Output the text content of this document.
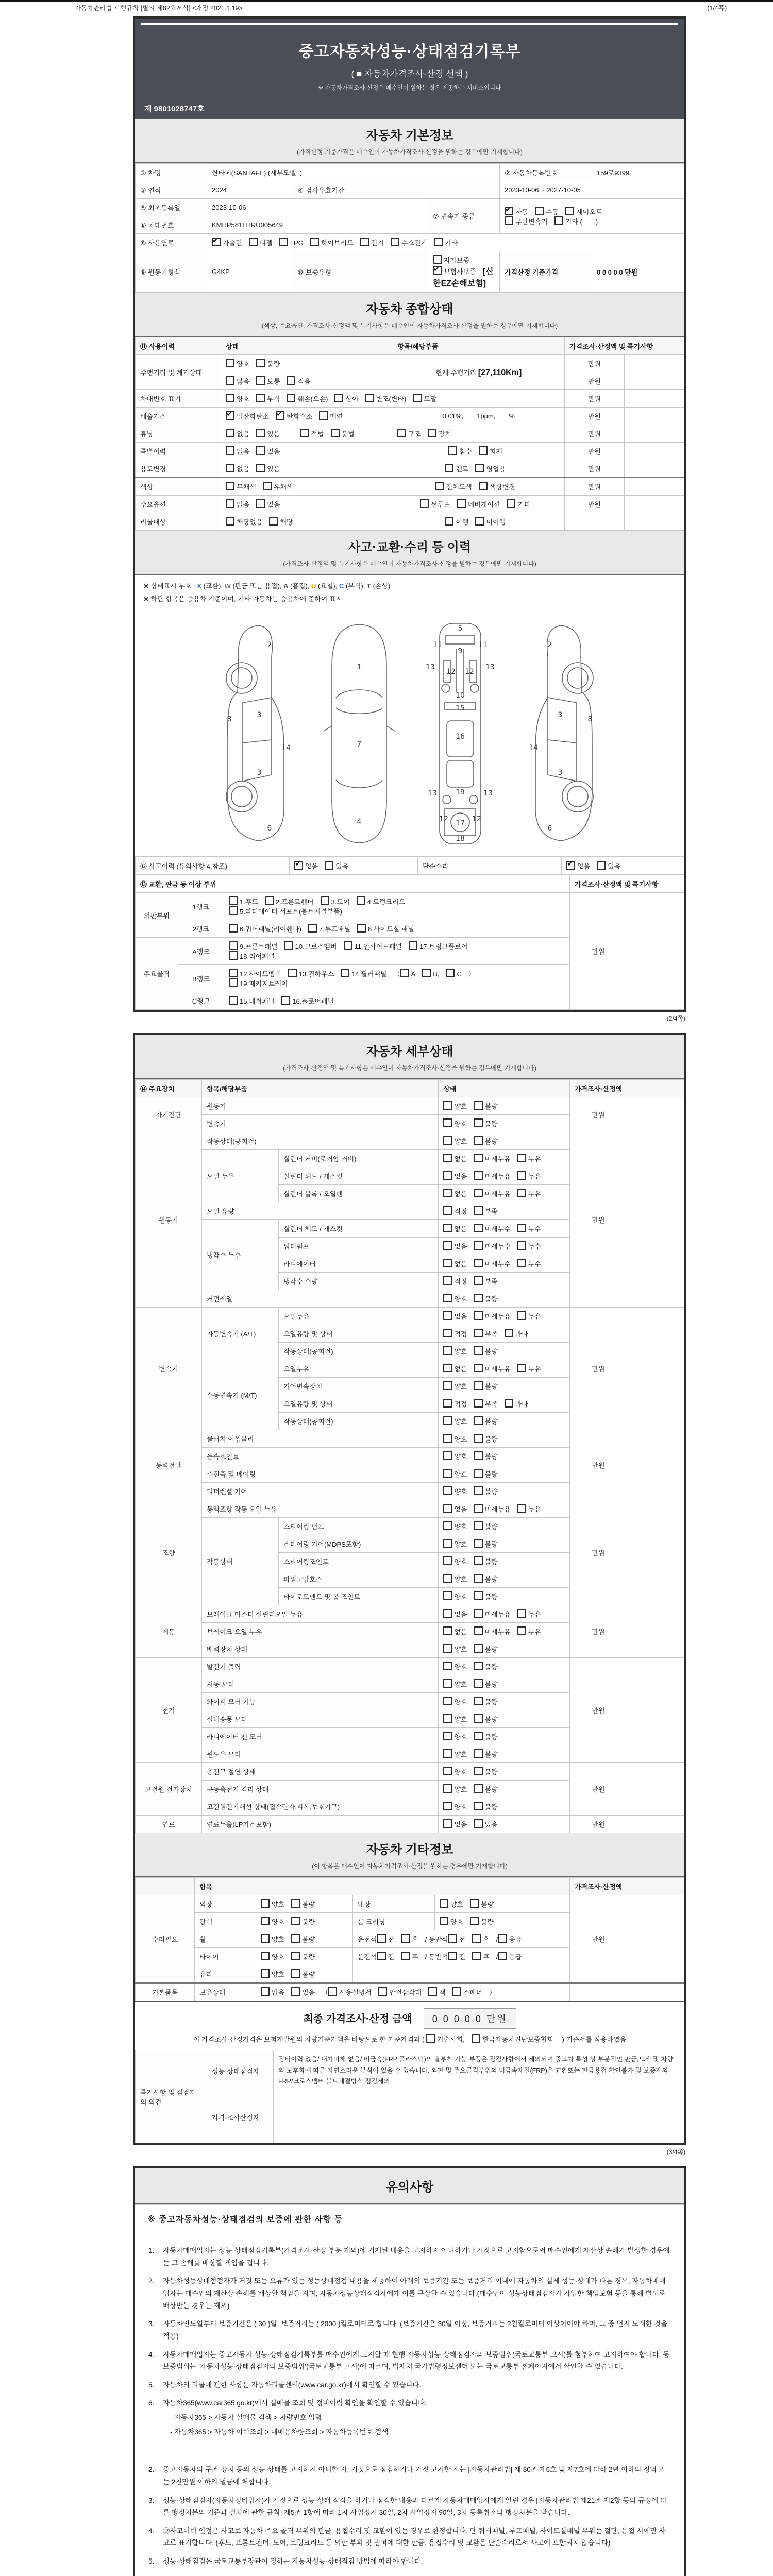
자동차관리법 시행규칙 [별지 제82호서식] <개정 2021.1.19>	(1/4쪽)
중고자동차성능·상태점검기록부
( ■ 자동차가격조사·산정 선택 )
※ 자동차가격조사·산정은 매수인이 원하는 경우 제공하는 서비스입니다
제 9801028747호
자동차 기본정보
(가격산정 기준가격은 매수인이 자동차가격조사·산정을 원하는 경우에만 기재합니다)
① 차명	싼타페(SANTAFE) (세부모델: )			② 자동차등록번호	159로9399
③ 연식	2024	④ 검사유효기간		2023-10-06 ~ 2027-10-05	
⑤ 최초등록일	2023-10-06		⑦ 변속기 종류	✔자동 수동 세미오토
무단변속기 기타 (　　)
⑥ 차대번호	KMHP581LHRU005649				
⑧ 사용연료	✔가솔린 디젤 LPG 하이브리드 전기 수소전기 기타
⑨ 원동기형식	G4KP	⑩ 보증유형	자가보증✔보험사보증 [신한EZ손해보험]	가격산정 기준가격	0 0 0 0 0 만원
자동차 종합상태
(색상, 주요옵션, 가격조사·산정액 및 특기사항은 매수인이 자동차가격조사·산정을 원하는 경우에만 기재합니다)
⑪ 사용이력	상태	항목/해당부품	가격조사·산정액 및 특기사항	
주행거리 및 계기상태	양호 불량	현재 주행거리 [27,110Km]	만원	
	많음 보통 적음		만원	
차대번호 표기	양호 부식 훼손(오손) 상이 변조(변타) 도말		만원	
배출가스	✔일산화탄소 ✔ 탄화수소 매연	0.01%, 1ppm, %	만원	
튜닝	없음 있음 적법 불법 구조 장치		만원	
특별이력	없음 있음	침수 화재	만원	
용도변경	없음 있음	렌트 영업용	만원	
색상	무채색 유채색	전체도색 색상변경	만원	
주요옵션	없음 있음	썬루프 네비게이션 기타	만원	
리콜대상	해당없음 해당	이행 미이행		
사고·교환·수리 등 이력
(가격조사·산정액 및 특기사항은 매수인이 자동차가격조사·산정을 원하는 경우에만 기재합니다)
※ 상태표시 부호 : X (교환), W (판금 또는 용접), A (흠집), U (요철), C (부식), T (손상)
※ 하단 항목은 승용차 기준이며, 기타 자동차는 승용차에 준하여 표시
2
8	3
3
14
6
1
7
4
5
9
11	11
13	13
12 12
10
15
16
19
13	13
12	12
17
18
2
8
3
3
14
6
⑫ 사고이력 (유의사항 4.참조)	✔없음	있음	단순수리	✔없음	있음
⑬ 교환, 판금 등 이상 부위			가격조사·산정액 및 특기사항	
외판부위	1랭크	1.후드 2.프론트휀더 3.도어 4.트렁크리드
5.라디에이터 서포트(볼트체결부품)	만원	
	2랭크	6.쿼더패널(리어휀다) 7.루프패널 8.사이드실 패널		
주요골격	A랭크	9.프론트패널 10.크로스멤버 11.인사이드패널 17.트렁크플로어
18.리어패널		
	B랭크	12.사이드멤버 13.휠하우스 14.필러패널 （ A B, C ）
19.패키지트레이		
	C랭크	15.대쉬패널 16.플로어패널		
(2/4쪽)
자동차 세부상태
(가격조사·산정액 및 특기사항은 매수인이 자동차가격조사·산정을 원하는 경우에만 기재합니다)
⑭ 주요장치	항목/해당부품		상태	가격조사·산정액	
자기진단	원동기		양호 불량	만원	
	변속기		양호 불량		
원동기	작동상태(공회전)		양호 불량	만원	
	오일 누유	실린더 커버(로커암 커버)	없음 미세누유 누유		
		실린더 헤드 / 개스킷	없음 미세누유 누유		
		실린더 블록 / 오일팬	없음 미세누유 누유		
	오일 유량		적정 부족		
	냉각수 누수	실린더 헤드 / 개스킷	없음 미세누수 누수		
		워터펌프	없음 미세누수 누수		
		라디에이터	없음 미세누수 누수		
		냉각수 수량	적정 부족		
	커먼레일		양호 불량		
변속기	자동변속기 (A/T)	오일누유	없음 미세누유 누유	만원	
		오일유량 및 상태	적정 부족 과다		
		작동상태(공회전)	양호 불량		
	수동변속기 (M/T)	오일누유	없음 미세누유 누유		
		기어변속장치	양호 불량		
		오일유량 및 상태	적정 부족 과다		
		작동상태(공회전)	양호 불량		
동력전달	클러치 어셈블리		양호 불량	만원	
	등속죠인트		양호 불량		
	추진축 및 베어링		양호 불량		
	디퍼렌셜 기어		양호 불량		
조향	동력조향 작동 오일 누유		없음 미세누유 누유	만원	
	작동상태	스티어링 펌프	양호 불량		
		스티어링 기어(MDPS포함)	양호 불량		
		스티어링조인트	양호 불량		
		파워고압호스	양호 불량		
		타이로드엔드 및 볼 조인트	양호 불량		
제동	브레이크 마스터 실린더오일 누유		없음 미세누유 누유	만원	
	브레이크 오일 누유		없음 미세누유 누유		
	배력장치 상태		양호 불량		
전기	발전기 출력		양호 불량	만원	
	시동 모터		양호 불량		
	와이퍼 모터 기능		양호 불량		
	실내송풍 모터		양호 불량		
	라디에이터 팬 모터		양호 불량		
	윈도우 모터		양호 불량		
고전원 전기장치	충전구 절연 상태		양호 불량	만원	
	구동축전지 격리 상태		양호 불량		
	고전원전기배선 상태(접속단자,피복,보호기구)		양호 불량		
연료	연료누출(LP가스포함)		없음 있음	만원	
자동차 기타정보
(이 항목은 매수인이 자동차가격조사·산정을 원하는 경우에만 기재합니다)
	항목				가격조사·산정액	
수리필요	외장	양호 불량	내장	양호 불량	만원	
	광택	양호 불량	룸 크리닝	양호 불량		
	휠	양호 불량	운전석 전 후 / 동반석 전 후 / 응급			
	타이어	양호 불량	운전석 전 후 / 동반석 전 후 / 응급			
	유리	양호 불량				
기본품목	보유상태	없음 있음 （ 사용설명서 안전삼각대 잭 스패너 ）				
최종 가격조사·산정 금액 0 0 0 0 0 만원
이 가격조사·산정가격은 보험개발원의 차량기준가액을 바탕으로 한 기준가격과 ( 기술사회,	한국자동차진단보증협회 ) 기준서를 적용하였음
특기사항 및 점검자의 의견	성능·상태점검자	정비이력 없음/ 내차피해 없음/ 비금속(FRP 플라스틱)의 탈부착 가능 부품은 점검사항에서 제외되며 중고차 특성 상 부분적인 판금,도색 및 차량의 노후화에 따른 자연스러운 부식이 있을 수 있습니다. 외판 및 주요골격부위의 비금속재질(FRP)은 교환또는 판금용접 확인불가 및 보증제외 FRP/크로스멤버 볼트체결방식 점검제외
	가격·조사산정자	
(3/4쪽)
유의사항
※ 중고자동차성능·상태점검의 보증에 관한 사항 등
1.	자동차매매업자는 성능·상태점검기록부(가격조사·산정 부분 제외)에 기재된 내용을 고지하지 아니하거나 거짓으로 고지함으로써 매수인에게 재산상 손해가 발생한 경우에는 그 손해를 배상할 책임을 집니다.
2.	자동차성능상태점검자가 거짓 또는 오류가 있는 성능상태점검 내용을 제공하여 아래의 보증기간 또는 보증거리 이내에 자동차의 실제 성능·상태가 다른 경우, 자동차매매업자는 매수인의 재산상 손해를 배상할 책임을 지며, 자동차성능상태점검자에게 이를 구상할 수 있습니다.(매수인이 성능상태점검자가 가입한 책임보험 등을 통해 별도로 배상받는 경우는 제외)
3.	자동차인도일부터 보증기간은 ( 30 )일, 보증거리는 ( 2000 )킬로미터로 합니다. (보증기간은 30일 이상, 보증거리는 2천킬로미터 이상이어야 하며, 그 중 먼저 도래한 것을 적용)
4.	자동차매매업자는 중고자동차 성능·상태점검기록부를 매수인에게 고지할 때 현행 자동차성능·상태점검자의 보증범위(국토교통부 고시)를 첨부하여 고지하여야 합니다. 동 보증범위는 '자동차성능·상태점검자의 보증범위'(국토교통부 고시)에 따르며, 법제처 국가법령정보센터 또는 국토교통부 홈페이지에서 확인할 수 있습니다.
5.	자동차의 리콜에 관한 사항은 자동차리콜센터(www.car.go.kr)에서 확인할 수 있습니다.
6.	자동차365(www.car365.go.kr)에서 실매물 조회 및 정비이력 확인을 확인할 수 있습니다.
- 자동차365 > 자동차 실매물 검색 > 차량번호 입력
- 자동차365 > 자동차 이력조회 > 매매용차량조회 > 자동차등록번호 검색
2.	중고자동차의 구조·장치 등의 성능·상태를 고지하지 아니한 자, 거짓으로 점검하거나 거짓 고지한 자는 [자동차관리법] 제 80조 제6호 및 제7호에 따라 2년 이하의 징역 또는 2천만원 이하의 벌금에 처합니다.
3.	성능·상태점검자(자동차정비업자)가 거짓으로 성능·상태 점검을 하거나 점검한 내용과 다르게 자동차매매업자에게 알린 경우 [자동차관리법 제21조 제2항 등의 규정에 따른 행정처분의 기준과 절차에 관한 규칙] 제5조 1항에 따라 1차 사업정지 30일, 2차 사업정지 90일, 3차 등록취소의 행정처분을 받습니다.
4.	⑫사고이력 인정은 사고로 자동차 주요 골격 부위의 판금, 용접수리 및 교환이 있는 경우로 한정합니다. 단 쿼터패널, 루프패널, 사이드실패널 부위는 절단, 용접 시에만 사고로 표기합니다. (후드, 프론트펜더, 도어, 트렁크리드 등 외판 부위 및 범퍼에 대한 판금, 용접수리 및 교환은 단순수리로서 사고에 포함되지 않습니다)
5.	성능·상태점검은 국토교통부장관이 정하는 자동차성능·상태점검 방법에 따라야 합니다.
